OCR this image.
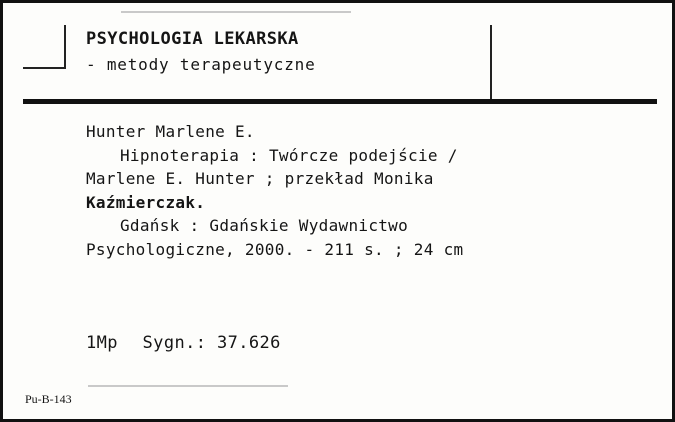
PSYCHOLOGIA LEKARSKA
- metody terapeutyczne
Hunter Marlene E.
Hipnoterapia : Twórcze podejście /
Marlene E. Hunter ; przekład Monika
Kaźmierczak.
Gdańsk : Gdańskie Wydawnictwo
Psychologiczne, 2000. - 211 s. ; 24 cm
1Mp Sygn.: 37.626
Pu-B-143
